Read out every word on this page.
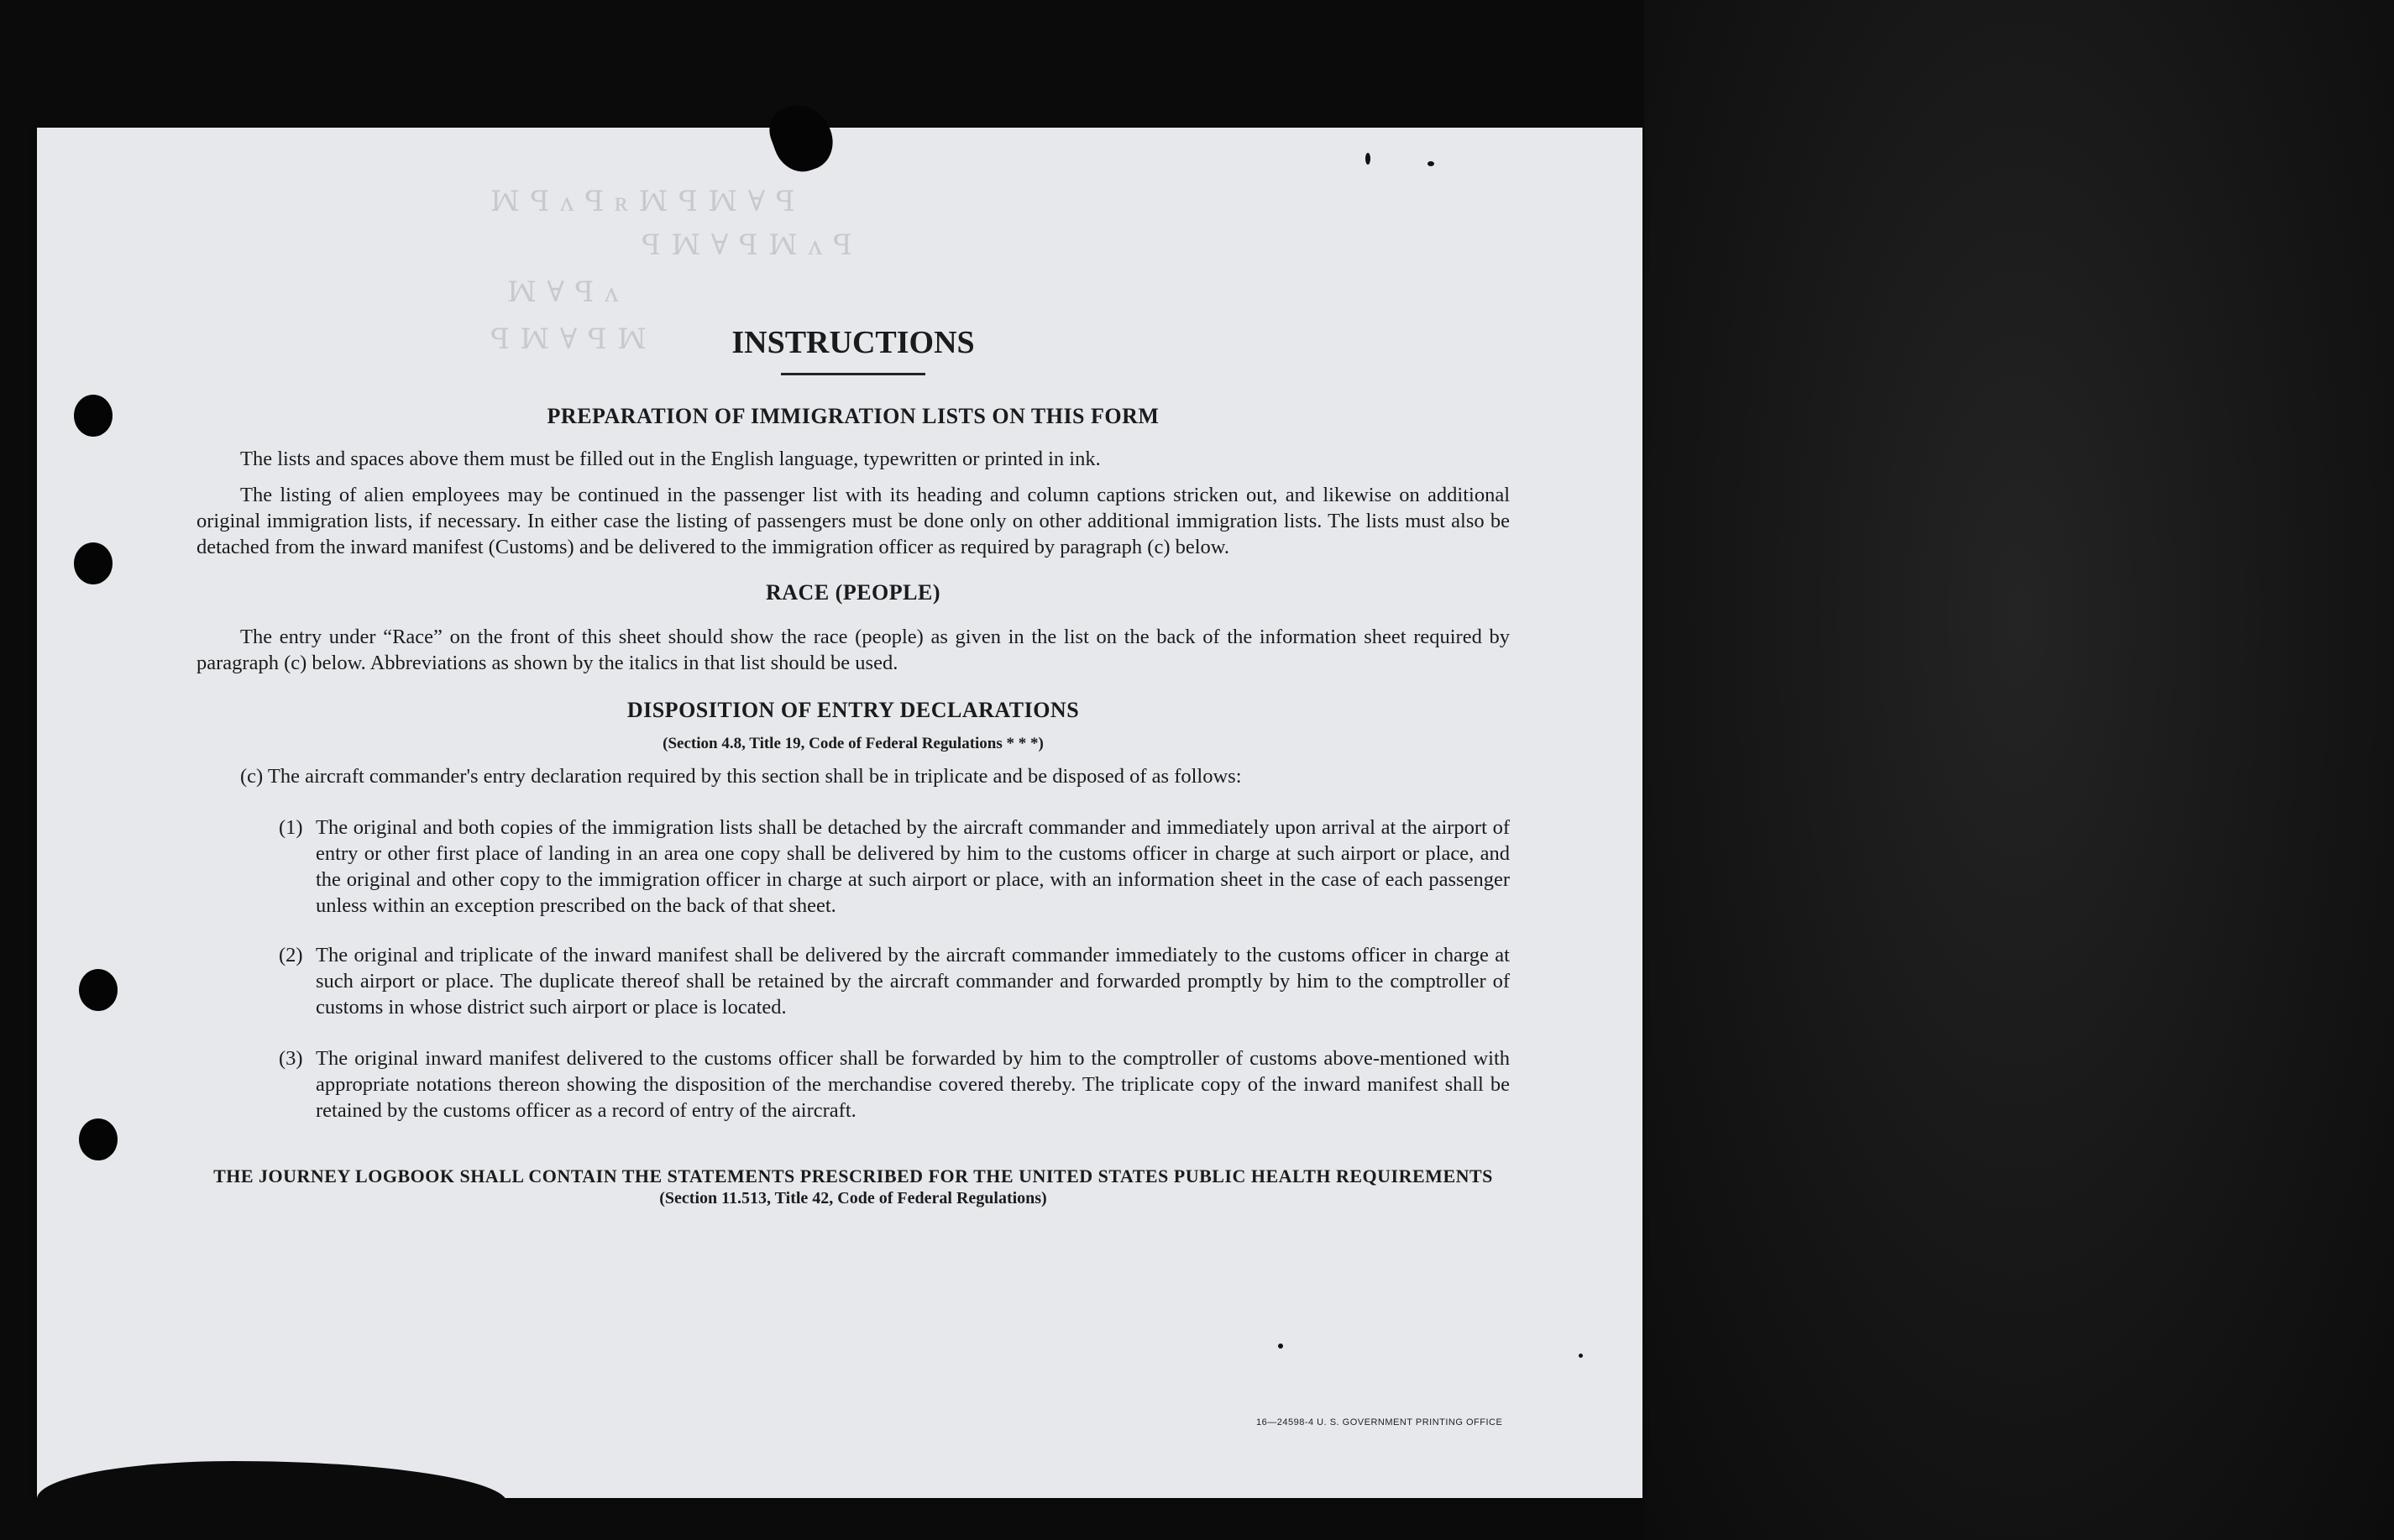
ꟽ ꟼ ᴧ ꟼ ʀ ꟽ ꟼ ꟽ ∀ ꟼ
ꟼ ꟽ ∀ ꟼ ꟽ ᴧ ꟼ
ꟽ ∀ ꟼ ᴧ
ꟼ ꟽ ∀ ꟼ ꟽ
16—24598-4 U. S. GOVERNMENT PRINTING OFFICE
INSTRUCTIONS
PREPARATION OF IMMIGRATION LISTS ON THIS FORM

The lists and spaces above them must be filled out in the English language, typewritten or printed in ink.

The listing of alien employees may be continued in the passenger list with its heading and column captions stricken out, and likewise on additional original immigration lists, if necessary. In either case the listing of passengers must be done only on other additional immigration lists. The lists must also be detached from the inward manifest (Customs) and be delivered to the immigration officer as required by paragraph (c) below.

RACE (PEOPLE)

The entry under “Race” on the front of this sheet should show the race (people) as given in the list on the back of the information sheet required by paragraph (c) below. Abbreviations as shown by the italics in that list should be used.

DISPOSITION OF ENTRY DECLARATIONS
(Section 4.8, Title 19, Code of Federal Regulations * * *)
(c) The aircraft commander's entry declaration required by this section shall be in triplicate and be disposed of as follows:
(1) The original and both copies of the immigration lists shall be detached by the aircraft commander and immediately upon arrival at the airport of entry or other first place of landing in an area one copy shall be delivered by him to the customs officer in charge at such airport or place, and the original and other copy to the immigration officer in charge at such airport or place, with an information sheet in the case of each passenger unless within an exception prescribed on the back of that sheet.
(2) The original and triplicate of the inward manifest shall be delivered by the aircraft commander immediately to the customs officer in charge at such airport or place. The duplicate thereof shall be retained by the aircraft commander and forwarded promptly by him to the comptroller of customs in whose district such airport or place is located.
(3) The original inward manifest delivered to the customs officer shall be forwarded by him to the comptroller of customs above-mentioned with appropriate notations thereon showing the disposition of the merchandise covered thereby. The triplicate copy of the inward manifest shall be retained by the customs officer as a record of entry of the aircraft.
THE JOURNEY LOGBOOK SHALL CONTAIN THE STATEMENTS PRESCRIBED FOR THE UNITED STATES PUBLIC HEALTH REQUIREMENTS
(Section 11.513, Title 42, Code of Federal Regulations)
